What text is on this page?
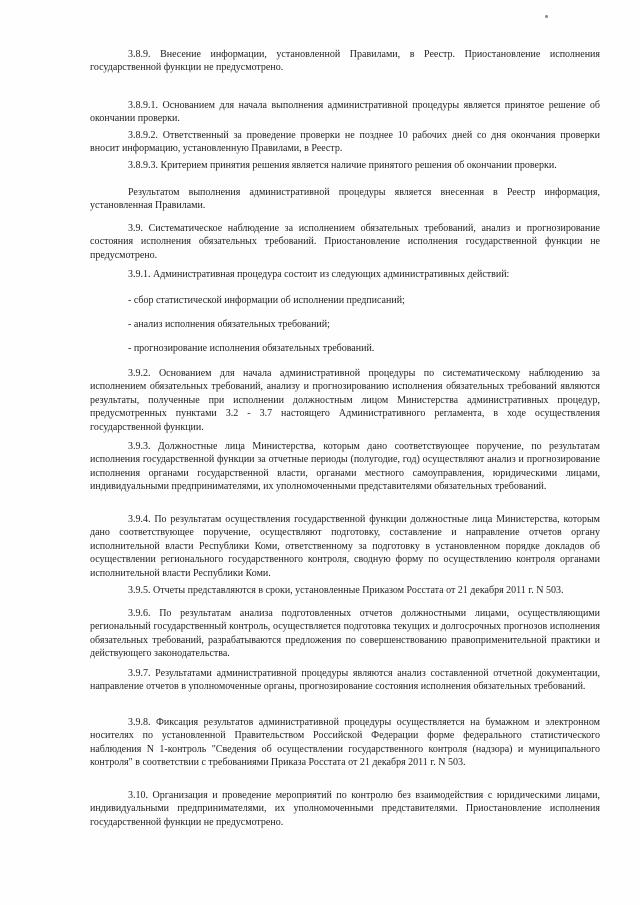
3.8.9. Внесение информации, установленной Правилами, в Реестр. Приостановление исполнения государственной функции не предусмотрено.

3.8.9.1. Основанием для начала выполнения административной процедуры является принятое решение об окончании проверки.

3.8.9.2. Ответственный за проведение проверки не позднее 10 рабочих дней со дня окончания проверки вносит информацию, установленную Правилами, в Реестр.

3.8.9.3. Критерием принятия решения является наличие принятого решения об окончании проверки.

Результатом выполнения административной процедуры является внесенная в Реестр информация, установленная Правилами.

3.9. Систематическое наблюдение за исполнением обязательных требований, анализ и прогнозирование состояния исполнения обязательных требований. Приостановление исполнения государственной функции не предусмотрено.

3.9.1. Административная процедура состоит из следующих административных действий:

- сбор статистической информации об исполнении предписаний;

- анализ исполнения обязательных требований;

- прогнозирование исполнения обязательных требований.

3.9.2. Основанием для начала административной процедуры по систематическому наблюдению за исполнением обязательных требований, анализу и прогнозированию исполнения обязательных требований являются результаты, полученные при исполнении должностным лицом Министерства административных процедур, предусмотренных пунктами 3.2 - 3.7 настоящего Административного регламента, в ходе осуществления государственной функции.

3.9.3. Должностные лица Министерства, которым дано соответствующее поручение, по результатам исполнения государственной функции за отчетные периоды (полугодие, год) осуществляют анализ и прогнозирование исполнения органами государственной власти, органами местного самоуправления, юридическими лицами, индивидуальными предпринимателями, их уполномоченными представителями обязательных требований.

3.9.4. По результатам осуществления государственной функции должностные лица Министерства, которым дано соответствующее поручение, осуществляют подготовку, составление и направление отчетов органу исполнительной власти Республики Коми, ответственному за подготовку в установленном порядке докладов об осуществлении регионального государственного контроля, сводную форму по осуществлению контроля органами исполнительной власти Республики Коми.

3.9.5. Отчеты представляются в сроки, установленные Приказом Росстата от 21 декабря 2011 г. N 503.

3.9.6. По результатам анализа подготовленных отчетов должностными лицами, осуществляющими региональный государственный контроль, осуществляется подготовка текущих и долгосрочных прогнозов исполнения обязательных требований, разрабатываются предложения по совершенствованию правоприменительной практики и действующего законодательства.

3.9.7. Результатами административной процедуры являются анализ составленной отчетной документации, направление отчетов в уполномоченные органы, прогнозирование состояния исполнения обязательных требований.

3.9.8. Фиксация результатов административной процедуры осуществляется на бумажном и электронном носителях по установленной Правительством Российской Федерации форме федерального статистического наблюдения N 1-контроль "Сведения об осуществлении государственного контроля (надзора) и муниципального контроля" в соответствии с требованиями Приказа Росстата от 21 декабря 2011 г. N 503.

3.10. Организация и проведение мероприятий по контролю без взаимодействия с юридическими лицами, индивидуальными предпринимателями, их уполномоченными представителями. Приостановление исполнения государственной функции не предусмотрено.
